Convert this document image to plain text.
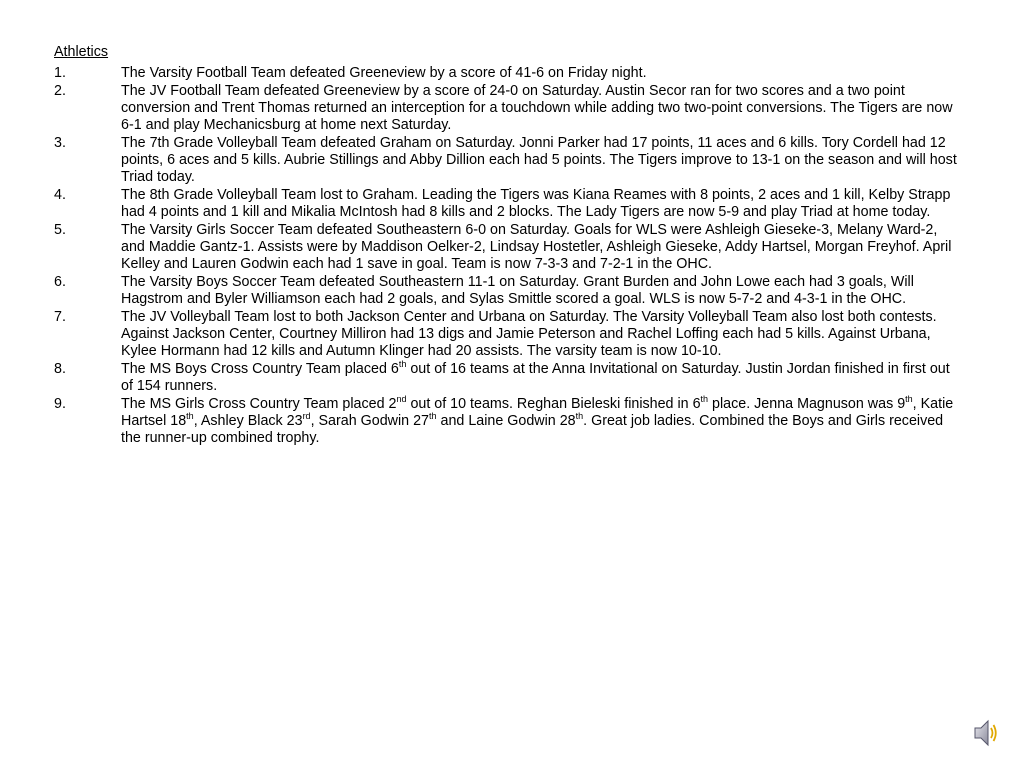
Athletics
1.	The Varsity Football Team defeated Greeneview by a score of 41-6 on Friday night.
2.	The JV Football Team defeated Greeneview by a score of 24-0 on Saturday. Austin Secor ran for two scores and a two point conversion and Trent Thomas returned an interception for a touchdown while adding two two-point conversions. The Tigers are now 6-1 and play Mechanicsburg at home next Saturday.
3.	The 7th Grade Volleyball Team defeated Graham on Saturday. Jonni Parker had 17 points, 11 aces and 6 kills. Tory Cordell had 12 points, 6 aces and 5 kills. Aubrie Stillings and Abby Dillion each had 5 points. The Tigers improve to 13-1 on the season and will host Triad today.
4.	The 8th Grade Volleyball Team lost to Graham. Leading the Tigers was Kiana Reames with 8 points, 2 aces and 1 kill, Kelby Strapp had 4 points and 1 kill and Mikalia McIntosh had 8 kills and 2 blocks. The Lady Tigers are now 5-9 and play Triad at home today.
5.	The Varsity Girls Soccer Team defeated Southeastern 6-0 on Saturday. Goals for WLS were Ashleigh Gieseke-3, Melany Ward-2, and Maddie Gantz-1. Assists were by Maddison Oelker-2, Lindsay Hostetler, Ashleigh Gieseke, Addy Hartsel, Morgan Freyhof. April Kelley and Lauren Godwin each had 1 save in goal. Team is now 7-3-3 and 7-2-1 in the OHC.
6.	The Varsity Boys Soccer Team defeated Southeastern 11-1 on Saturday. Grant Burden and John Lowe each had 3 goals, Will Hagstrom and Byler Williamson each had 2 goals, and Sylas Smittle scored a goal. WLS is now 5-7-2 and 4-3-1 in the OHC.
7.	The JV Volleyball Team lost to both Jackson Center and Urbana on Saturday. The Varsity Volleyball Team also lost both contests. Against Jackson Center, Courtney Milliron had 13 digs and Jamie Peterson and Rachel Loffing each had 5 kills. Against Urbana, Kylee Hormann had 12 kills and Autumn Klinger had 20 assists. The varsity team is now 10-10.
8.	The MS Boys Cross Country Team placed 6th out of 16 teams at the Anna Invitational on Saturday. Justin Jordan finished in first out of 154 runners.
9.	The MS Girls Cross Country Team placed 2nd out of 10 teams. Reghan Bieleski finished in 6th place. Jenna Magnuson was 9th, Katie Hartsel 18th, Ashley Black 23rd, Sarah Godwin 27th and Laine Godwin 28th. Great job ladies. Combined the Boys and Girls received the runner-up combined trophy.
